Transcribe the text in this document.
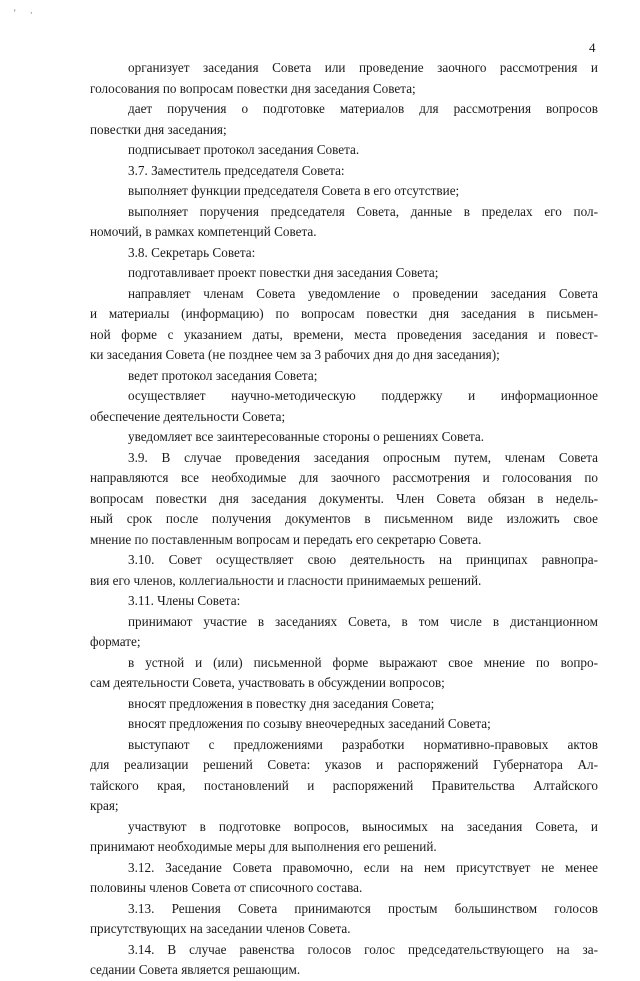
' ·
4
организует заседания Совета или проведение заочного рассмотрения и
голосования по вопросам повестки дня заседания Совета;
дает поручения о подготовке материалов для рассмотрения вопросов
повестки дня заседания;
подписывает протокол заседания Совета.
3.7. Заместитель председателя Совета:
выполняет функции председателя Совета в его отсутствие;
выполняет поручения председателя Совета, данные в пределах его пол-
номочий, в рамках компетенций Совета.
3.8. Секретарь Совета:
подготавливает проект повестки дня заседания Совета;
направляет членам Совета уведомление о проведении заседания Совета
и материалы (информацию) по вопросам повестки дня заседания в письмен-
ной форме с указанием даты, времени, места проведения заседания и повест-
ки заседания Совета (не позднее чем за 3 рабочих дня до дня заседания);
ведет протокол заседания Совета;
осуществляет научно-методическую поддержку и информационное
обеспечение деятельности Совета;
уведомляет все заинтересованные стороны о решениях Совета.
3.9. В случае проведения заседания опросным путем, членам Совета
направляются все необходимые для заочного рассмотрения и голосования по
вопросам повестки дня заседания документы. Член Совета обязан в недель-
ный срок после получения документов в письменном виде изложить свое
мнение по поставленным вопросам и передать его секретарю Совета.
3.10. Совет осуществляет свою деятельность на принципах равнопра-
вия его членов, коллегиальности и гласности принимаемых решений.
3.11. Члены Совета:
принимают участие в заседаниях Совета, в том числе в дистанционном
формате;
в устной и (или) письменной форме выражают свое мнение по вопро-
сам деятельности Совета, участвовать в обсуждении вопросов;
вносят предложения в повестку дня заседания Совета;
вносят предложения по созыву внеочередных заседаний Совета;
выступают с предложениями разработки нормативно-правовых актов
для реализации решений Совета: указов и распоряжений Губернатора Ал-
тайского края, постановлений и распоряжений Правительства Алтайского
края;
участвуют в подготовке вопросов, выносимых на заседания Совета, и
принимают необходимые меры для выполнения его решений.
3.12. Заседание Совета правомочно, если на нем присутствует не менее
половины членов Совета от списочного состава.
3.13. Решения Совета принимаются простым большинством голосов
присутствующих на заседании членов Совета.
3.14. В случае равенства голосов голос председательствующего на за-
седании Совета является решающим.
